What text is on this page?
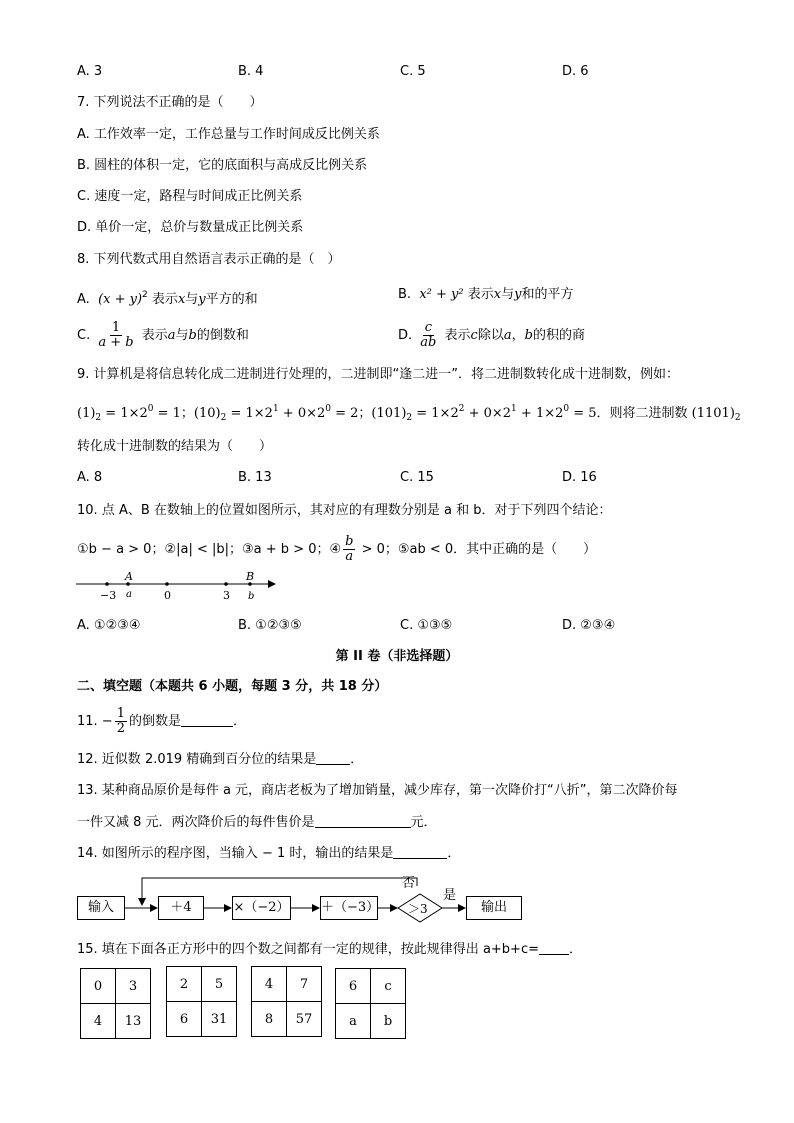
A. 3	B. 4	C. 5	D. 6
7. 下列说法不正确的是（　　）
A. 工作效率一定，工作总量与工作时间成反比例关系
B. 圆柱的体积一定，它的底面积与高成反比例关系
C. 速度一定，路程与时间成正比例关系
D. 单价一定，总价与数量成正比例关系
8. 下列代数式用自然语言表示正确的是（　）
A. $(x + y)^2$ 表示x与y平方的和	B. x² + y² 表示x与y和的平方
C. $\frac{1}{a + b}$ 表示a与b的倒数和	D. $\frac{c}{ab}$ 表示c除以a，b的积的商
9. 计算机是将信息转化成二进制进行处理的，二进制即“逢二进一”．将二进制数转化成十进制数，例如：
$(1)_2 = 1\times 2^0 = 1$；$(10)_2 = 1\times 2^1 + 0\times 2^0 = 2$；$(101)_2 = 1\times 2^2 + 0\times 2^1 + 1\times 2^0 = 5$．则将二进制数 $(1101)_2$
转化成十进制数的结果为（　　）
A. 8	B. 13	C. 15	D. 16
10. 点 A、B 在数轴上的位置如图所示，其对应的有理数分别是 a 和 b．对于下列四个结论：
①b − a > 0；②|a| < |b|；③a + b > 0；④ $\frac{b}{a} > 0$；⑤ab < 0．其中正确的是（　　）
A	B
−3 a	0	3 b
A. ①②③④	B. ①②③⑤	C. ①③⑤	D. ②③④
第 II 卷（非选择题）
二、填空题（本题共 6 小题，每题 3 分，共 18 分）
11. − $\frac{1}{2}$ 的倒数是	．
12. 近似数 2.019 精确到百分位的结果是	．
13. 某种商品原价是每件 a 元，商店老板为了增加销量，减少库存，第一次降价打“八折”，第二次降价每
一件又减 8 元．两次降价后的每件售价是	元．
14. 如图所示的程序图，当输入 − 1 时，输出的结果是	．
输入	＋4	×（−2） ＋（−3） ＞3
否
是
输出
15. 填在下面各正方形中的四个数之间都有一定的规律，按此规律得出 a+b+c= ．
0	3
4	13
2	5
6	31
4	7
8	57
6	c
a	b
